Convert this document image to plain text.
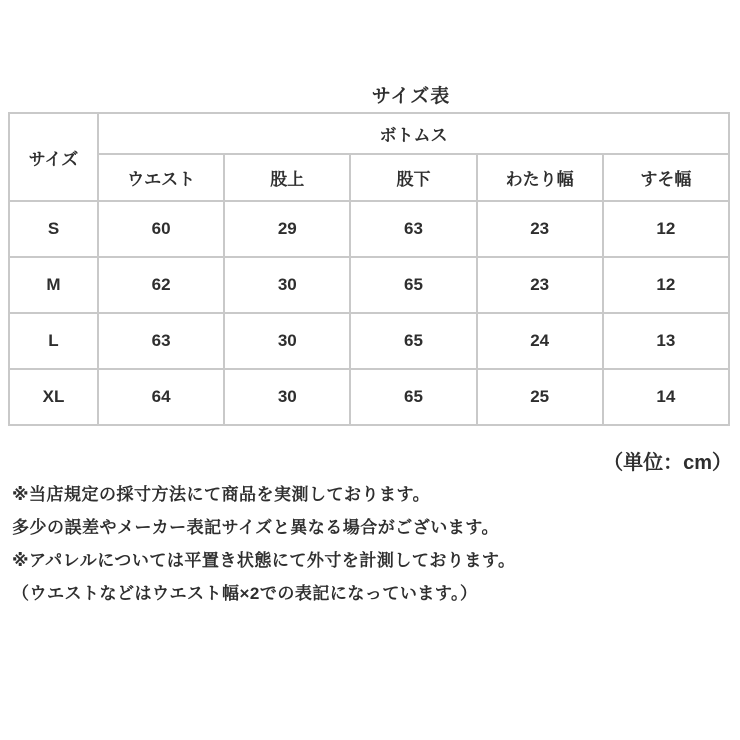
サイズ表
サイズ	ボトムス				
	ウエスト	股上	股下	わたり幅	すそ幅
S	60	29	63	23	12
M	62	30	65	23	12
L	63	30	65	24	13
XL	64	30	65	25	14
（単位：cm）
※当店規定の採寸方法にて商品を実測しております。
多少の誤差やメーカー表記サイズと異なる場合がございます。
※アパレルについては平置き状態にて外寸を計測しております。
（ウエストなどはウエスト幅×2での表記になっています。）
